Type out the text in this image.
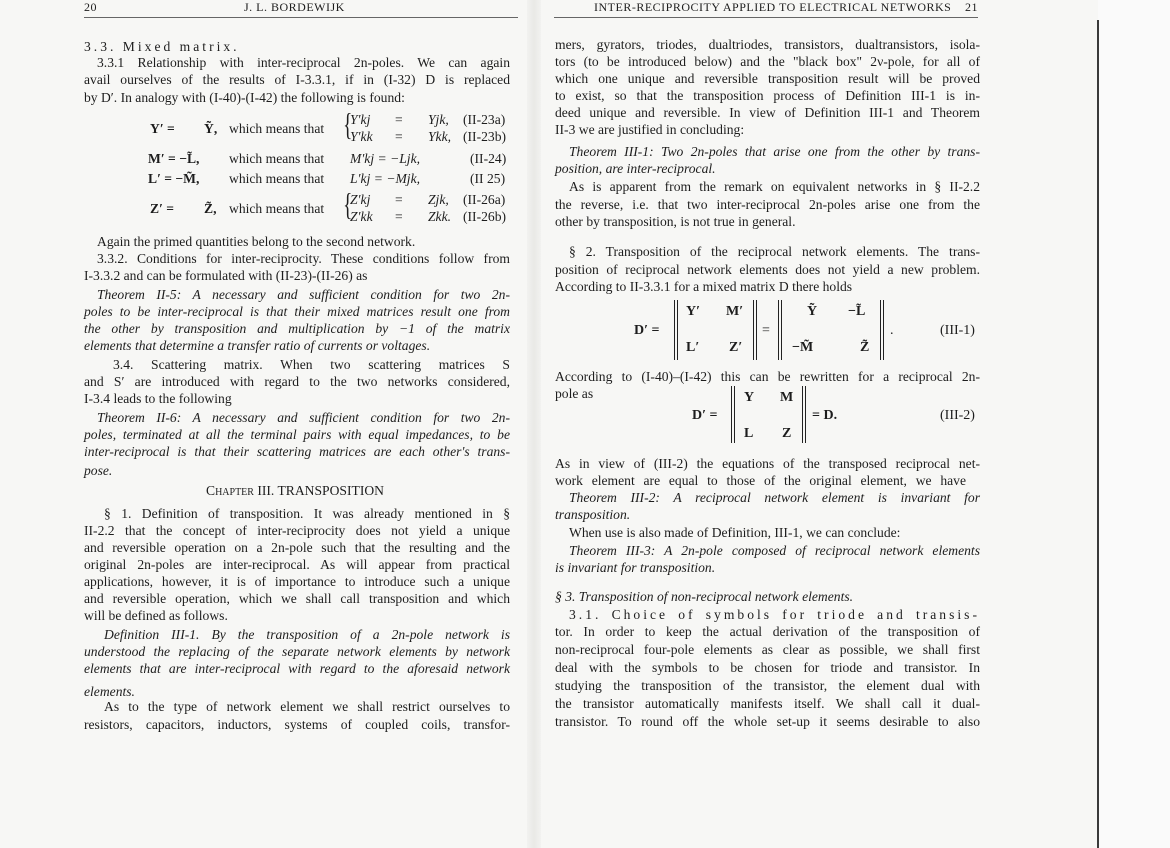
20	J. L. BORDEWIJK
3.3. Mixed matrix.
3.3.1 Relationship with inter-reciprocal 2n-poles. We can again
avail ourselves of the results of I-3.3.1, if in (I-32) D is replaced
by D′. In analogy with (I-40)-(I-42) the following is found:
Y′ = Ỹ, which means that {
Y′kj = Yjk, (II-23a)
Y′kk = Ykk, (II-23b)
M′ = −L̃, which means that M′kj = −Ljk,	(II-24)
L′ = −M̃, which means that L′kj = −Mjk,	(II 25)
Z′ = Z̃, which means that {
Z′kj = Zjk, (II-26a)
Z′kk = Zkk. (II-26b)
Again the primed quantities belong to the second network.
3.3.2. Conditions for inter-reciprocity. These conditions follow from
I-3.3.2 and can be formulated with (II-23)-(II-26) as
Theorem II-5: A necessary and sufficient condition for two 2n-
poles to be inter-reciprocal is that their mixed matrices result one from
the other by transposition and multiplication by −1 of the matrix
elements that determine a transfer ratio of currents or voltages.
3.4. Scattering matrix. When two scattering matrices S
and S′ are introduced with regard to the two networks considered,
I-3.4 leads to the following
Theorem II-6: A necessary and sufficient condition for two 2n-
poles, terminated at all the terminal pairs with equal impedances, to be
inter-reciprocal is that their scattering matrices are each other's trans-
pose.
Chapter III. TRANSPOSITION
§ 1. Definition of transposition. It was already mentioned in §
II-2.2 that the concept of inter-reciprocity does not yield a unique
and reversible operation on a 2n-pole such that the resulting and the
original 2n-poles are inter-reciprocal. As will appear from practical
applications, however, it is of importance to introduce such a unique
and reversible operation, which we shall call transposition and which
will be defined as follows.
Definition III-1. By the transposition of a 2n-pole network is
understood the replacing of the separate network elements by network
elements that are inter-reciprocal with regard to the aforesaid network
elements.
As to the type of network element we shall restrict ourselves to
resistors, capacitors, inductors, systems of coupled coils, transfor-
INTER-RECIPROCITY APPLIED TO ELECTRICAL NETWORKS 21
mers, gyrators, triodes, dualtriodes, transistors, dualtransistors, isola-
tors (to be introduced below) and the "black box" 2ν-pole, for all of
which one unique and reversible transposition result will be proved
to exist, so that the transposition process of Definition III-1 is in-
deed unique and reversible. In view of Definition III-1 and Theorem
II-3 we are justified in concluding:
Theorem III-1: Two 2n-poles that arise one from the other by trans-
position, are inter-reciprocal.
As is apparent from the remark on equivalent networks in § II-2.2
the reverse, i.e. that two inter-reciprocal 2n-poles arise one from the
other by transposition, is not true in general.
§ 2. Transposition of the reciprocal network elements. The trans-
position of reciprocal network elements does not yield a new problem.
According to II-3.3.1 for a mixed matrix D there holds
D′ =
Y′ M′
L′ Z′
=
Ỹ −L̃
−M̃	Z̃
.	(III-1)
According to (I-40)–(I-42) this can be rewritten for a reciprocal 2n-
pole as
D′ =
Y M
L Z
= D.	(III-2)
As in view of (III-2) the equations of the transposed reciprocal net-
work element are equal to those of the original element, we have
Theorem III-2: A reciprocal network element is invariant for
transposition.
When use is also made of Definition, III-1, we can conclude:
Theorem III-3: A 2n-pole composed of reciprocal network elements
is invariant for transposition.
§ 3. Transposition of non-reciprocal network elements.
3.1. Choice of symbols for triode and transis-
tor. In order to keep the actual derivation of the transposition of
non-reciprocal four-pole elements as clear as possible, we shall first
deal with the symbols to be chosen for triode and transistor. In
studying the transposition of the transistor, the element dual with
the transistor automatically manifests itself. We shall call it dual-
transistor. To round off the whole set-up it seems desirable to also
